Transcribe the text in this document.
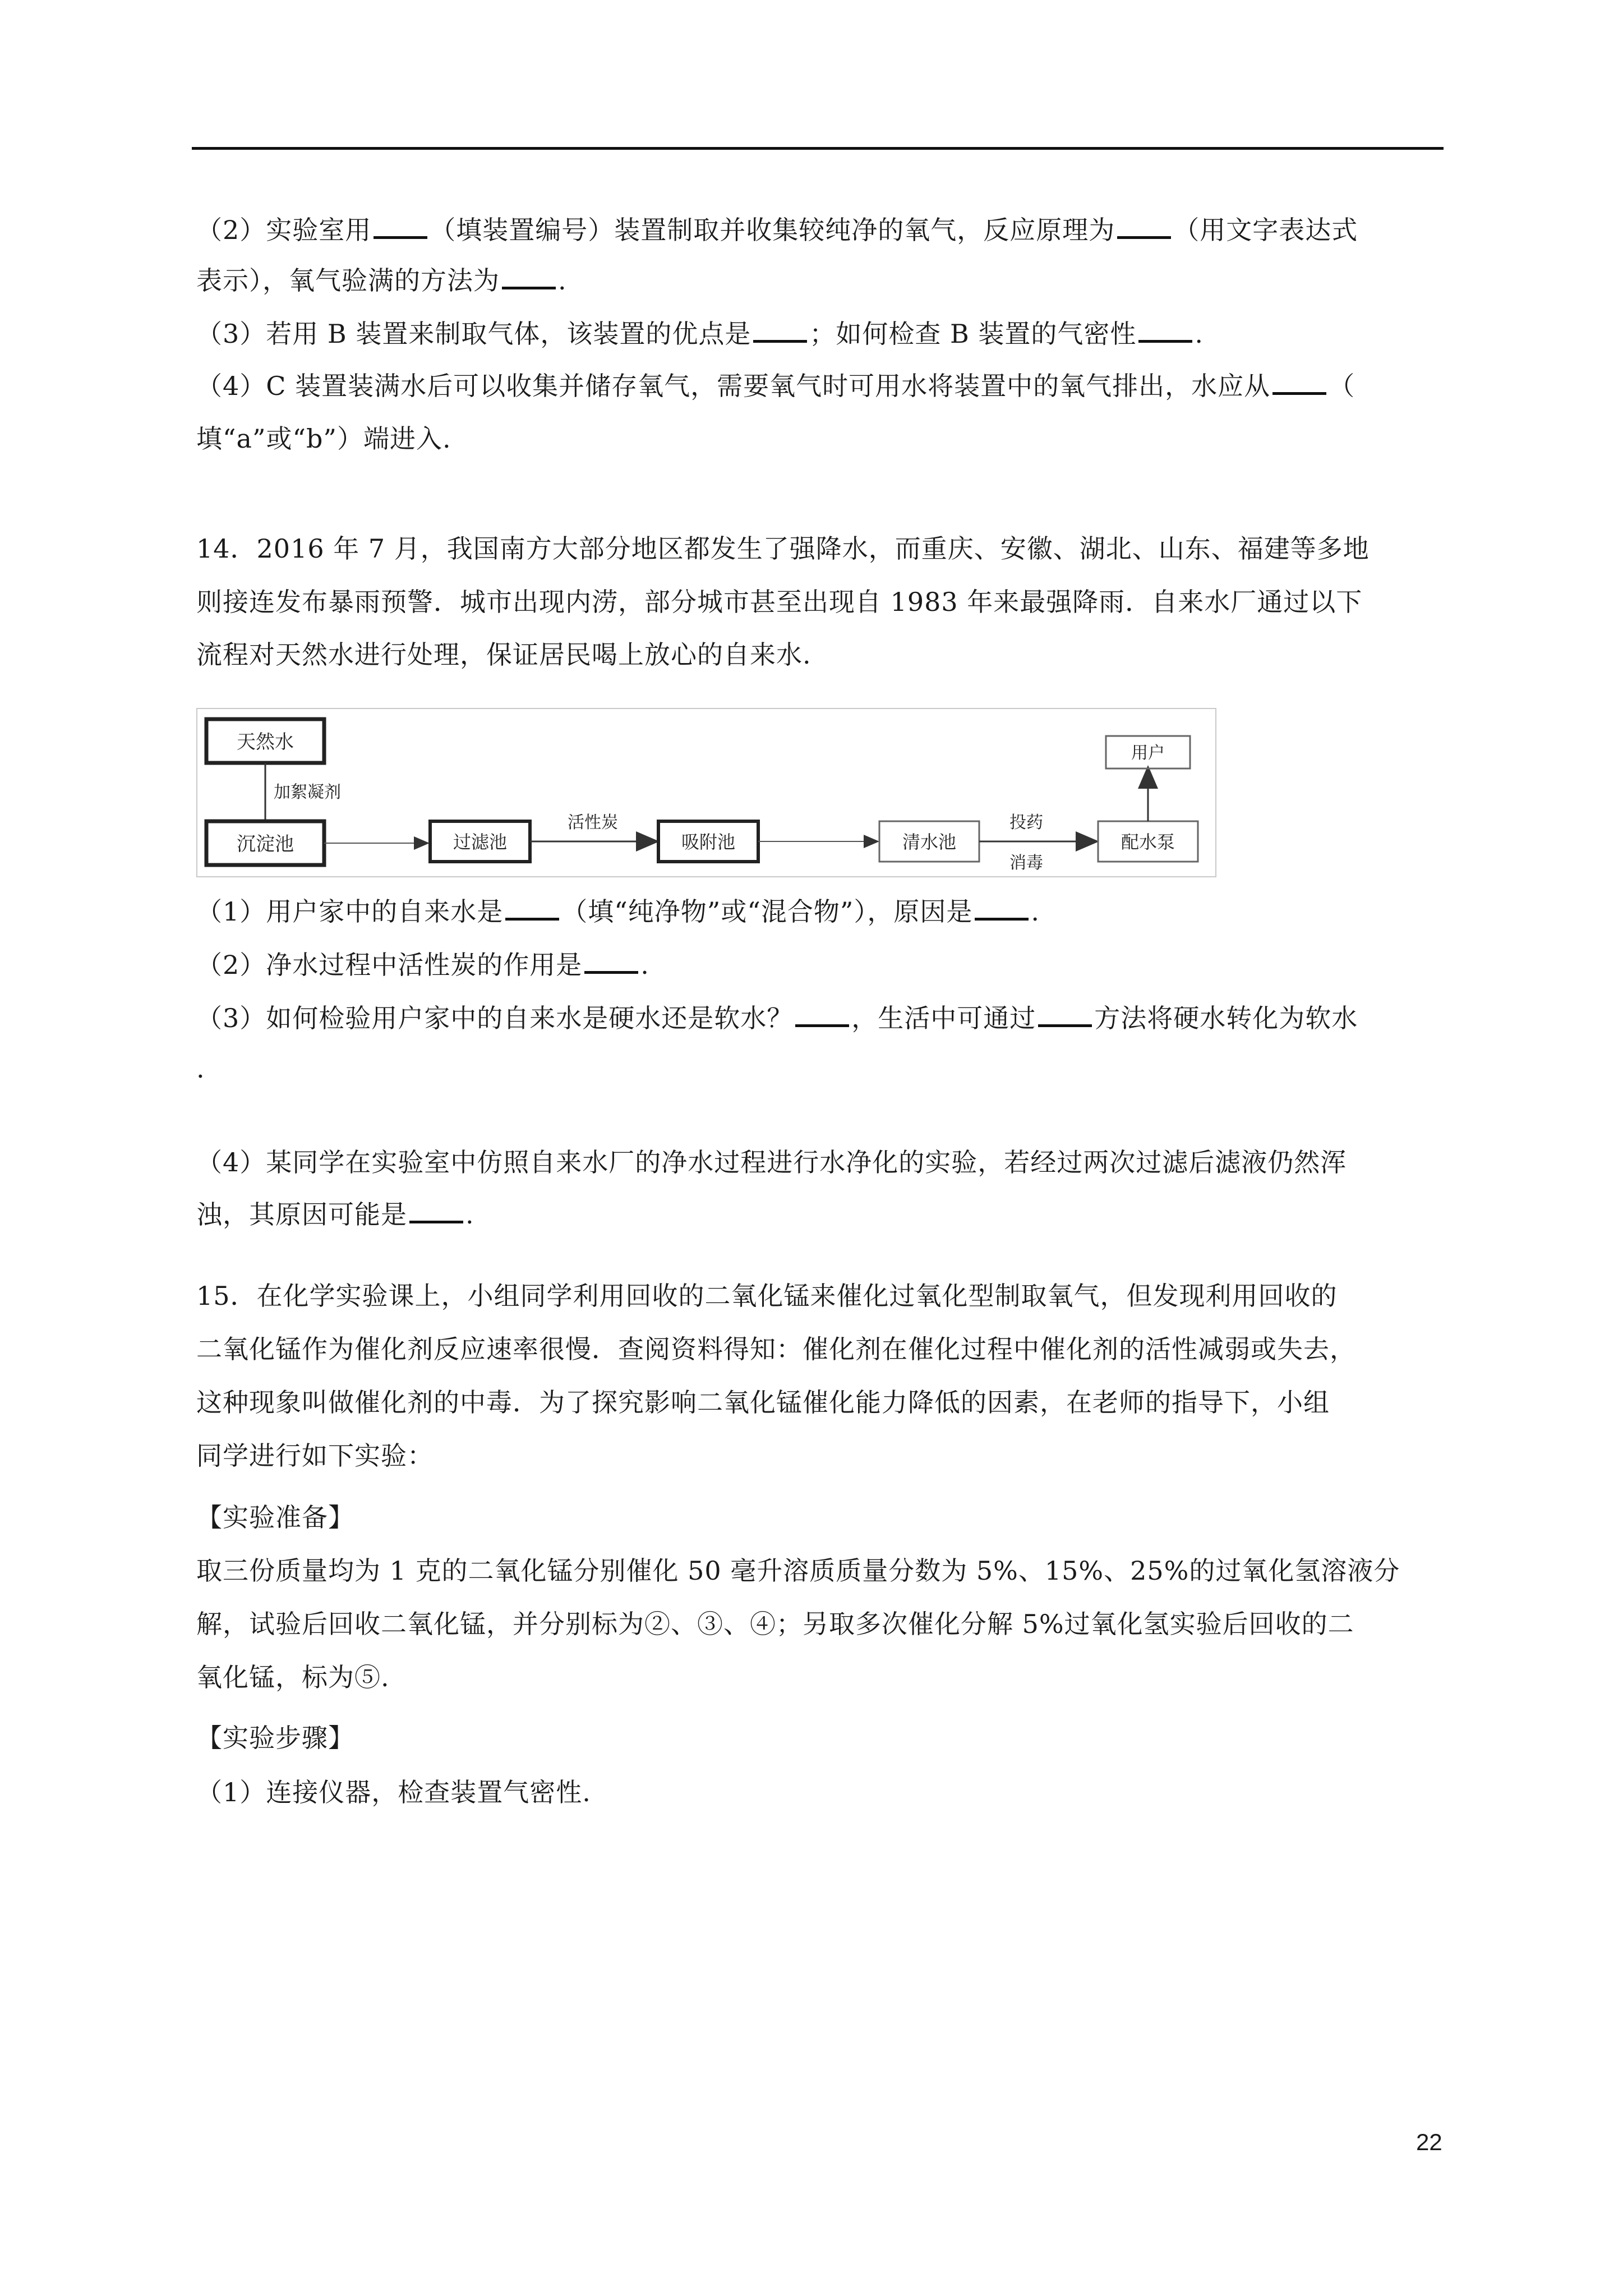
（2）实验室用 （填装置编号）装置制取并收集较纯净的氧气，反应原理为 （用文字表达式
表示），氧气验满的方法为 .
（3）若用 B 装置来制取气体，该装置的优点是 ；如何检查 B 装置的气密性 .
（4）C 装置装满水后可以收集并储存氧气，需要氧气时可用水将装置中的氧气排出，水应从 （
填“a”或“b”）端进入.
14．2016 年 7 月，我国南方大部分地区都发生了强降水，而重庆、安徽、湖北、山东、福建等多地
则接连发布暴雨预警．城市出现内涝，部分城市甚至出现自 1983 年来最强降雨．自来水厂通过以下
流程对天然水进行处理，保证居民喝上放心的自来水.
（1）用户家中的自来水是 （填“纯净物”或“混合物”），原因是 .
（2）净水过程中活性炭的作用是 .
（3）如何检验用户家中的自来水是硬水还是软水？ ，生活中可通过 方法将硬水转化为软水
.
（4）某同学在实验室中仿照自来水厂的净水过程进行水净化的实验，若经过两次过滤后滤液仍然浑
浊，其原因可能是 .
15．在化学实验课上，小组同学利用回收的二氧化锰来催化过氧化型制取氧气，但发现利用回收的
二氧化锰作为催化剂反应速率很慢．查阅资料得知：催化剂在催化过程中催化剂的活性减弱或失去，
这种现象叫做催化剂的中毒．为了探究影响二氧化锰催化能力降低的因素，在老师的指导下，小组
同学进行如下实验：
【实验准备】
取三份质量均为 1 克的二氧化锰分别催化 50 毫升溶质质量分数为 5%、15%、25%的过氧化氢溶液分
解，试验后回收二氧化锰，并分别标为②、③、④；另取多次催化分解 5%过氧化氢实验后回收的二
氧化锰，标为⑤.
【实验步骤】
（1）连接仪器，检查装置气密性.
天然水
加絮凝剂
沉淀池	过滤池
活性炭
吸附池	清水池
投药
消毒
配水泵
用户
22
